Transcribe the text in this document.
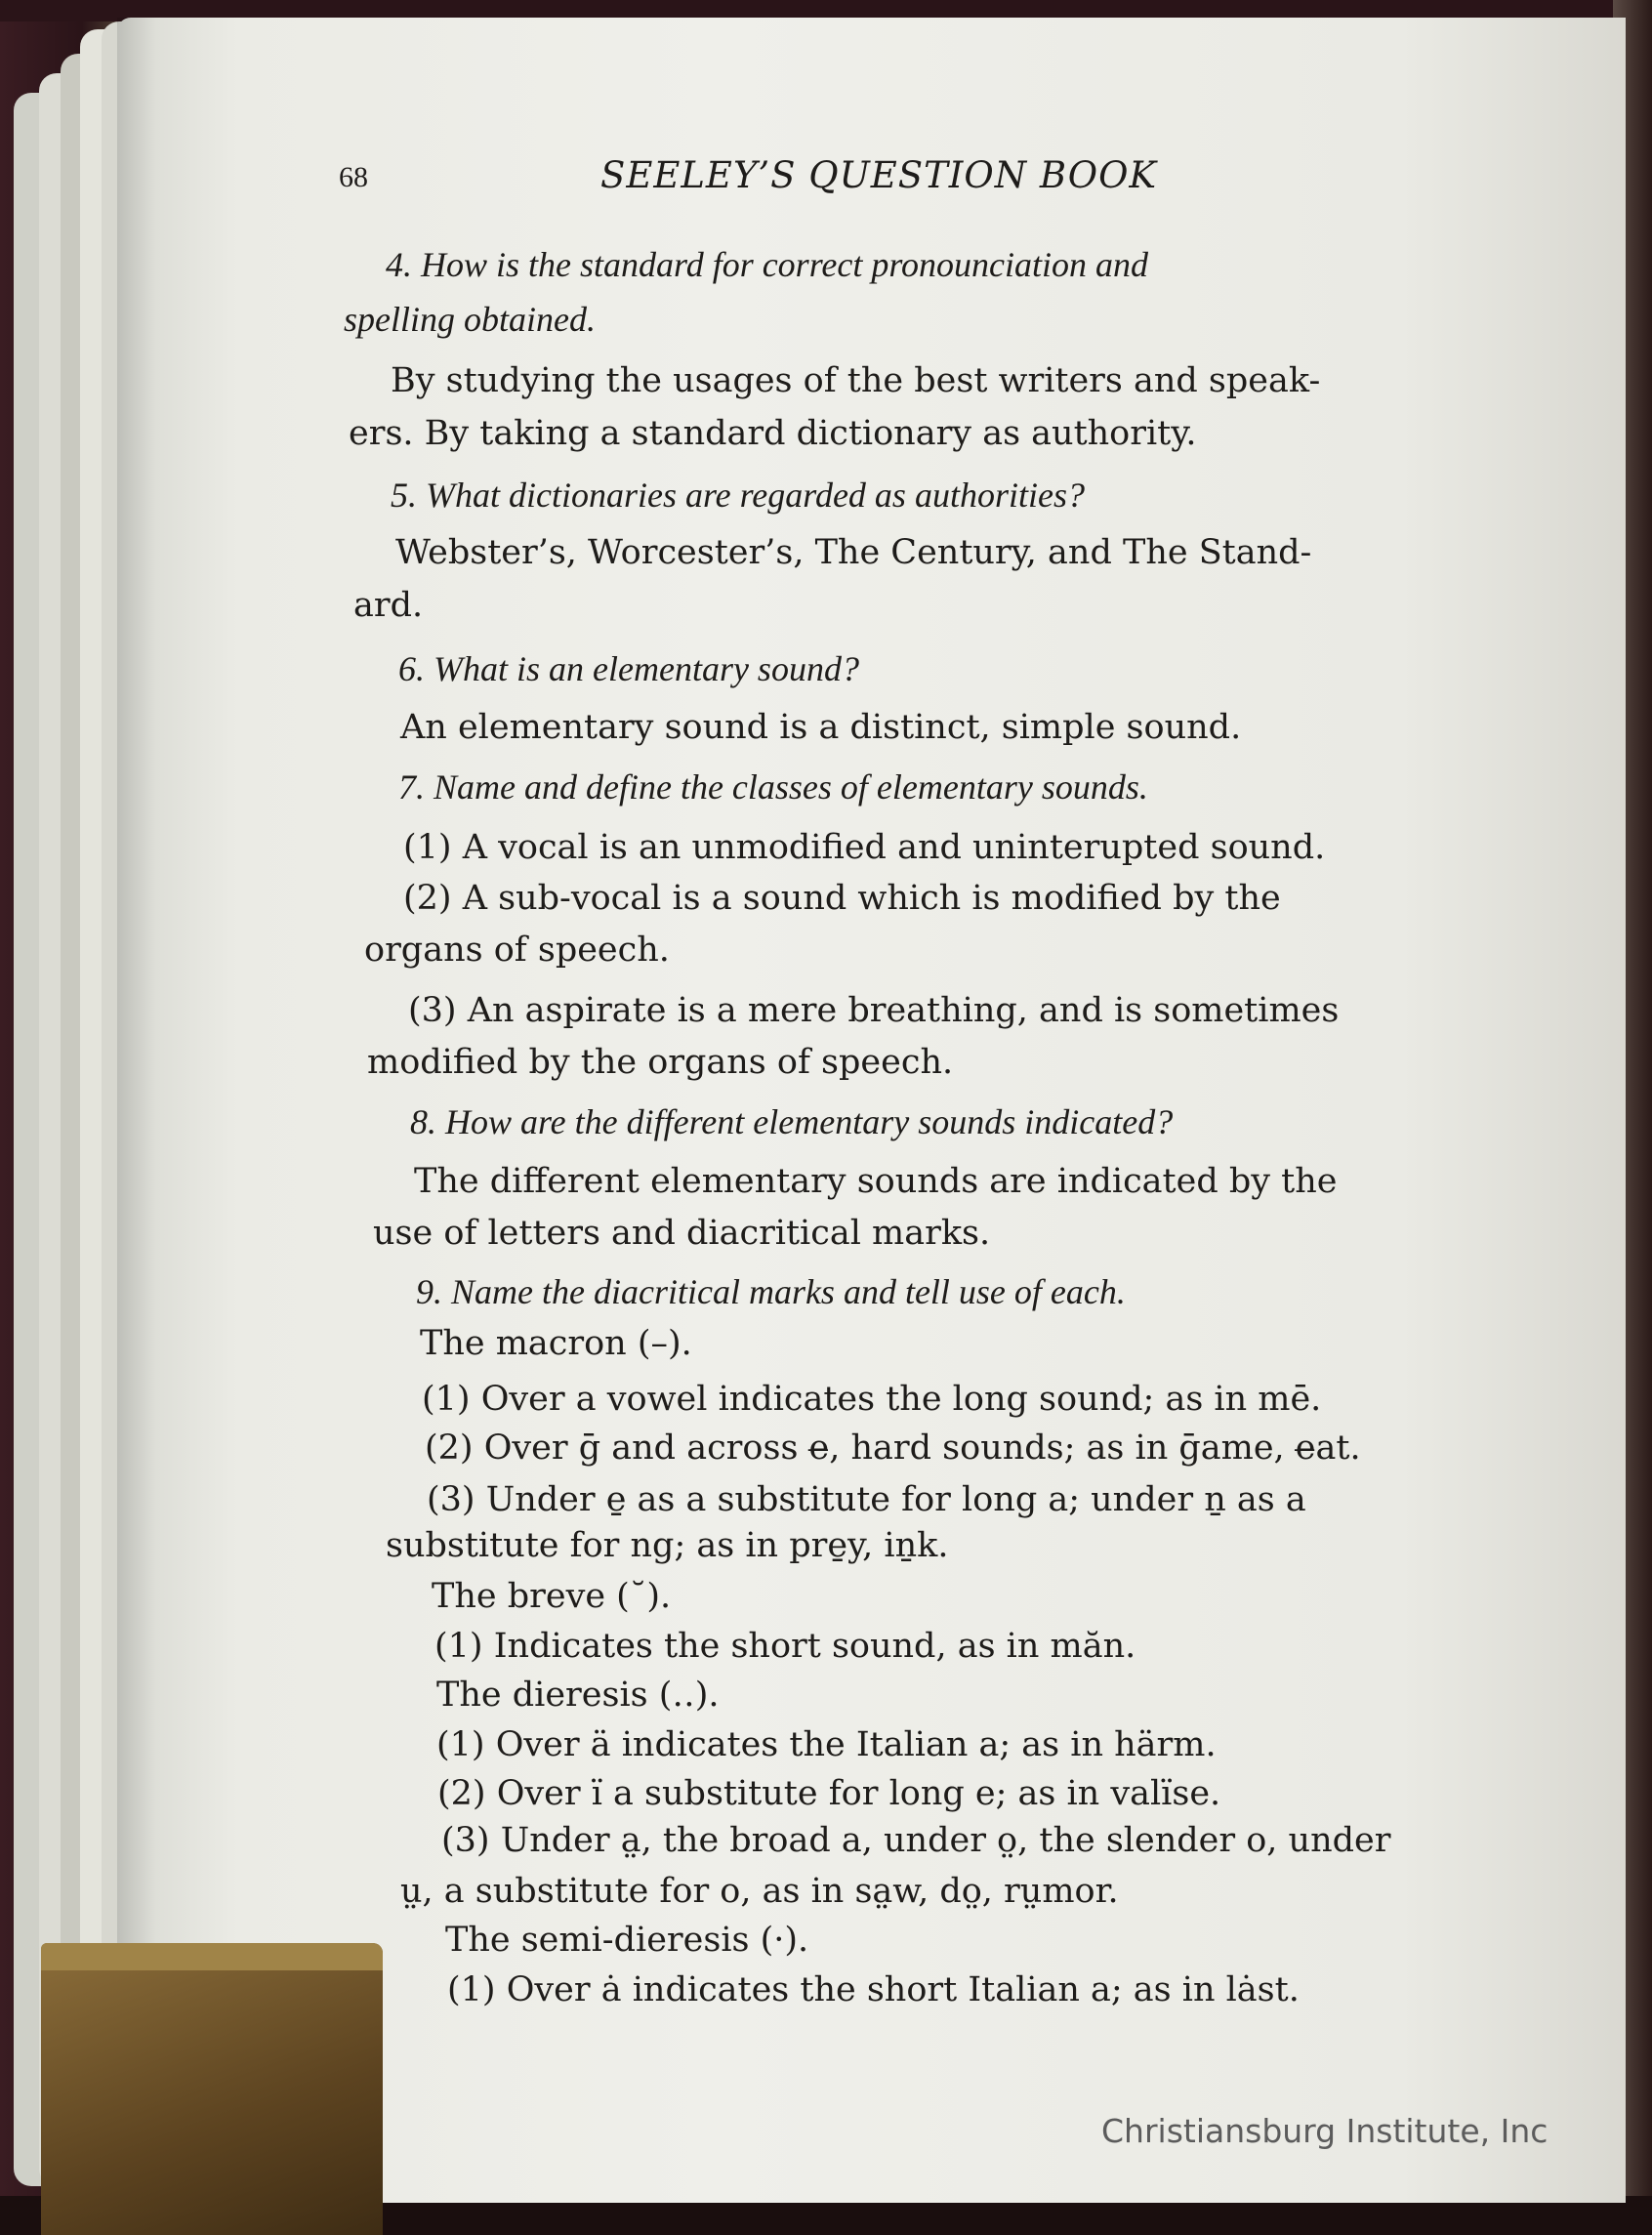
68	SEELEY’S QUESTION BOOK
4. How is the standard for correct pronounciation and
spelling obtained.
By studying the usages of the best writers and speak-
ers. By taking a standard dictionary as authority.
5. What dictionaries are regarded as authorities?
Webster’s, Worcester’s, The Century, and The Stand-
ard.
6. What is an elementary sound?
An elementary sound is a distinct, simple sound.
7. Name and define the classes of elementary sounds.
(1) A vocal is an unmodified and uninterupted sound.
(2) A sub-vocal is a sound which is modified by the
organs of speech.
(3) An aspirate is a mere breathing, and is sometimes
modified by the organs of speech.
8. How are the different elementary sounds indicated?
The different elementary sounds are indicated by the
use of letters and diacritical marks.
9. Name the diacritical marks and tell use of each.
The macron (–).
(1) Over a vowel indicates the long sound; as in mē.
(2) Over ḡ and across e̶, hard sounds; as in ḡame, e̶at.
(3) Under e̱ as a substitute for long a; under ṉ as a
substitute for ng; as in pre̱y, iṉk.
The breve (˘).
(1) Indicates the short sound, as in măn.
The dieresis (‥).
(1) Over ä indicates the Italian a; as in härm.
(2) Over ï a substitute for long e; as in valïse.
(3) Under a̤, the broad a, under o̤, the slender o, under
ṳ, a substitute for o, as in sa̤w, do̤, rṳmor.
The semi-dieresis (·).
(1) Over ȧ indicates the short Italian a; as in lȧst.
Christiansburg Institute, Inc
